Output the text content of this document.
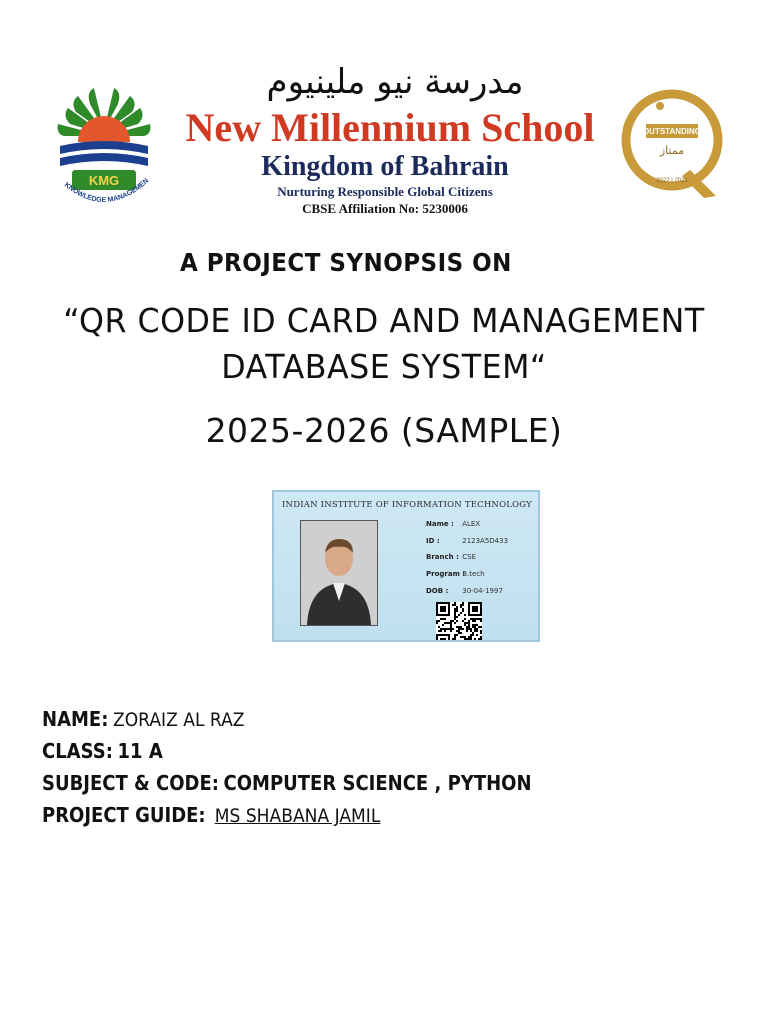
KMG
KNOWLEDGE MANAGEMEN
مدرسة نيو ملينيوم
New Millennium School
Kingdom of Bahrain
Nurturing Responsible Global Citizens
CBSE Affiliation No: 5230006
OUTSTANDING
ممتاز
2022 | 2021
A PROJECT SYNOPSIS ON
“QR CODE ID CARD AND MANAGEMENT DATABASE SYSTEM“
2025-2026 (SAMPLE)
INDIAN INSTITUTE OF INFORMATION TECHNOLOGY
Name : ALEX
ID :	2123A5D433
Branch : CSE
Program : B.tech
DOB : 30-04-1997
NAME: ZORAIZ AL RAZ
CLASS: 11 A
SUBJECT & CODE: COMPUTER SCIENCE , PYTHON
PROJECT GUIDE: MS SHABANA JAMIL
